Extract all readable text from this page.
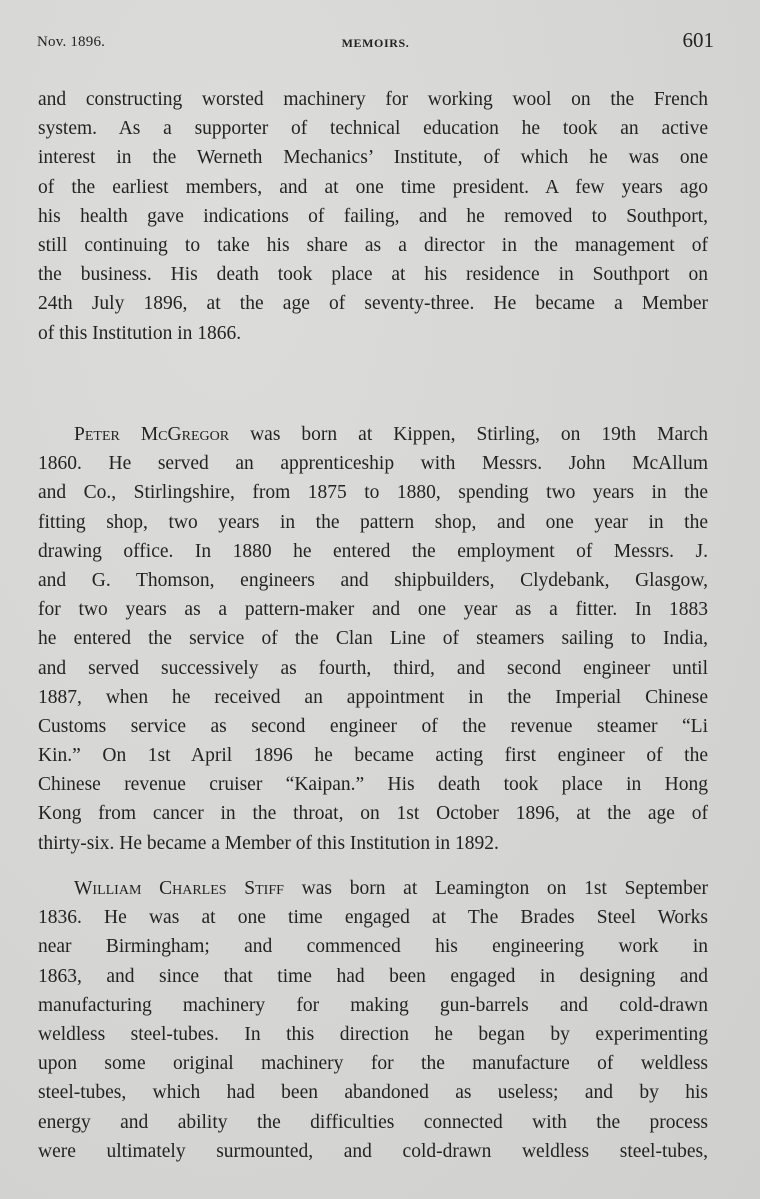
Nov. 1896.	MEMOIRS.	601
and constructing worsted machinery for working wool on the French
system. As a supporter of technical education he took an active
interest in the Werneth Mechanics’ Institute, of which he was one
of the earliest members, and at one time president. A few years ago
his health gave indications of failing, and he removed to Southport,
still continuing to take his share as a director in the management of
the business. His death took place at his residence in Southport on
24th July 1896, at the age of seventy-three. He became a Member
of this Institution in 1866.
Peter McGregor was born at Kippen, Stirling, on 19th March
1860. He served an apprenticeship with Messrs. John McAllum
and Co., Stirlingshire, from 1875 to 1880, spending two years in the
fitting shop, two years in the pattern shop, and one year in the
drawing office. In 1880 he entered the employment of Messrs. J.
and G. Thomson, engineers and shipbuilders, Clydebank, Glasgow,
for two years as a pattern-maker and one year as a fitter. In 1883
he entered the service of the Clan Line of steamers sailing to India,
and served successively as fourth, third, and second engineer until
1887, when he received an appointment in the Imperial Chinese
Customs service as second engineer of the revenue steamer “Li
Kin.” On 1st April 1896 he became acting first engineer of the
Chinese revenue cruiser “Kaipan.” His death took place in Hong
Kong from cancer in the throat, on 1st October 1896, at the age of
thirty-six. He became a Member of this Institution in 1892.
William Charles Stiff was born at Leamington on 1st September
1836. He was at one time engaged at The Brades Steel Works
near Birmingham; and commenced his engineering work in
1863, and since that time had been engaged in designing and
manufacturing machinery for making gun-barrels and cold-drawn
weldless steel-tubes. In this direction he began by experimenting
upon some original machinery for the manufacture of weldless
steel-tubes, which had been abandoned as useless; and by his
energy and ability the difficulties connected with the process
were ultimately surmounted, and cold-drawn weldless steel-tubes,
